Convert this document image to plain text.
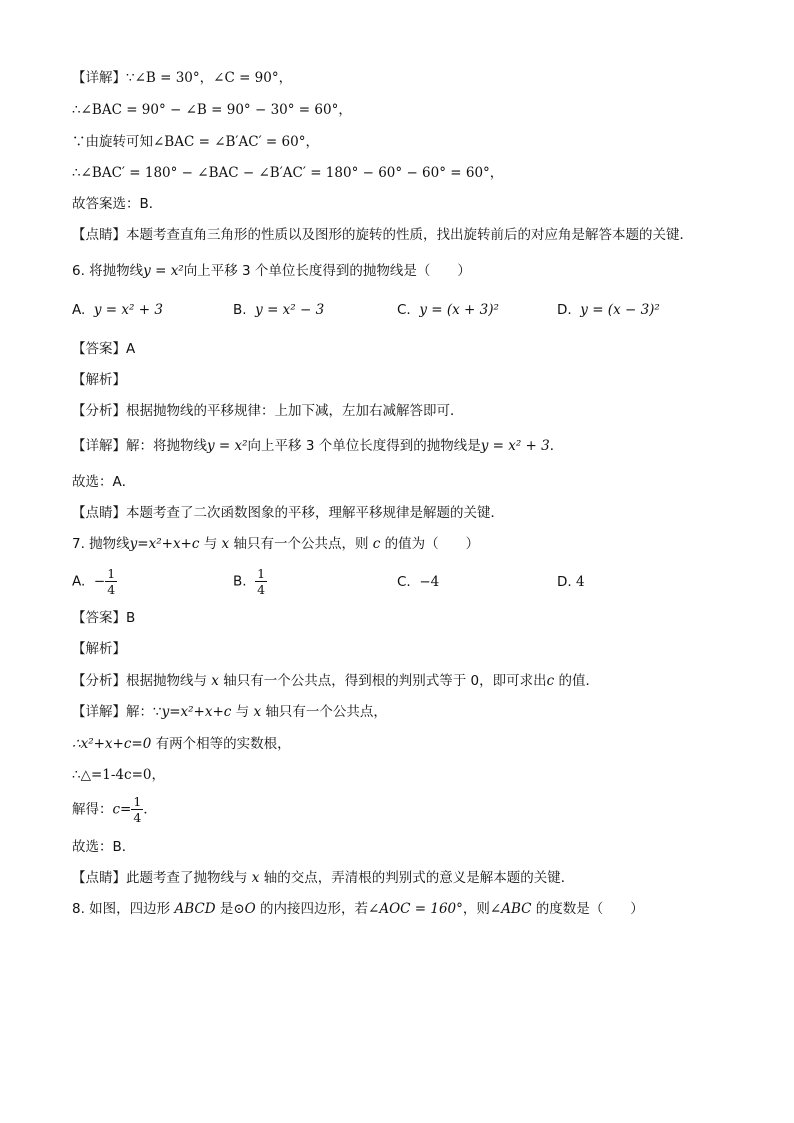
【详解】∵∠B = 30°，∠C = 90°，
∴∠BAC = 90° − ∠B = 90° − 30° = 60°，
∵由旋转可知∠BAC = ∠B′AC′ = 60°，
∴∠BAC′ = 180° − ∠BAC − ∠B′AC′ = 180° − 60° − 60° = 60°，
故答案选：B．
【点睛】本题考查直角三角形的性质以及图形的旋转的性质，找出旋转前后的对应角是解答本题的关键．
6. 将抛物线y = x²向上平移 3 个单位长度得到的抛物线是（　　）
A. y = x² + 3	B. y = x² − 3	C. y = (x + 3)²	D. y = (x − 3)²
【答案】A
【解析】
【分析】根据抛物线的平移规律：上加下减，左加右减解答即可．
【详解】解：将抛物线y = x²向上平移 3 个单位长度得到的抛物线是y = x² + 3．
故选：A．
【点睛】本题考查了二次函数图象的平移，理解平移规律是解题的关键．
7. 抛物线y=x²+x+c 与 x 轴只有一个公共点，则 c 的值为（　　）
A. − $\frac{1}{4}$	B. $\frac{1}{4}$	C. −4	D. 4
【答案】B
【解析】
【分析】根据抛物线与 x 轴只有一个公共点，得到根的判别式等于 0，即可求出c 的值．
【详解】解：∵y=x²+x+c 与 x 轴只有一个公共点，
∴x²+x+c=0 有两个相等的实数根，
∴△=1-4c=0，
解得：$c= \frac{1}{4}$ ．
故选：B．
【点睛】此题考查了抛物线与 x 轴的交点，弄清根的判别式的意义是解本题的关键．
8. 如图，四边形 ABCD 是⊙O 的内接四边形，若∠AOC = 160°，则∠ABC 的度数是（　　）
